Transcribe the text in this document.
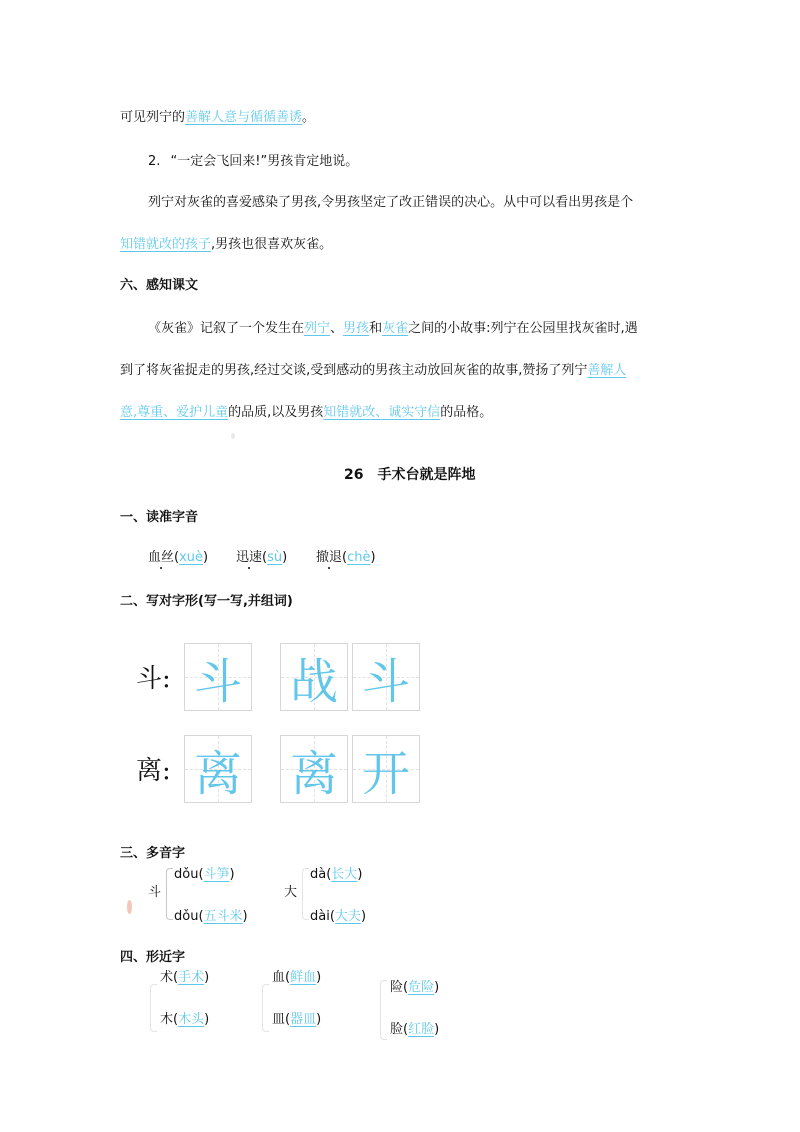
可见列宁的善解人意与循循善诱。
2. “一定会飞回来!”男孩肯定地说。
列宁对灰雀的喜爱感染了男孩,令男孩坚定了改正错误的决心。从中可以看出男孩是个
知错就改的孩子,男孩也很喜欢灰雀。
六、感知课文
《灰雀》记叙了一个发生在列宁、男孩和灰雀之间的小故事:列宁在公园里找灰雀时,遇
到了将灰雀捉走的男孩,经过交谈,受到感动的男孩主动放回灰雀的故事,赞扬了列宁善解人
意,尊重、爱护儿童的品质,以及男孩知错就改、诚实守信的品格。
26　手术台就是阵地
一、读准字音
血丝(xuè) 迅速(sù) 撤退(chè)
二、写对字形(写一写,并组词)
斗: 斗 战 斗
离: 离 离 开
三、多音字
斗
dǒu(斗笋)
dǒu(五斗米)
大
dà(长大)
dài(大夫)
四、形近字
术(手术)
木(木头)
血(鲜血)
皿(器皿)
险(危险)
脸(红脸)
